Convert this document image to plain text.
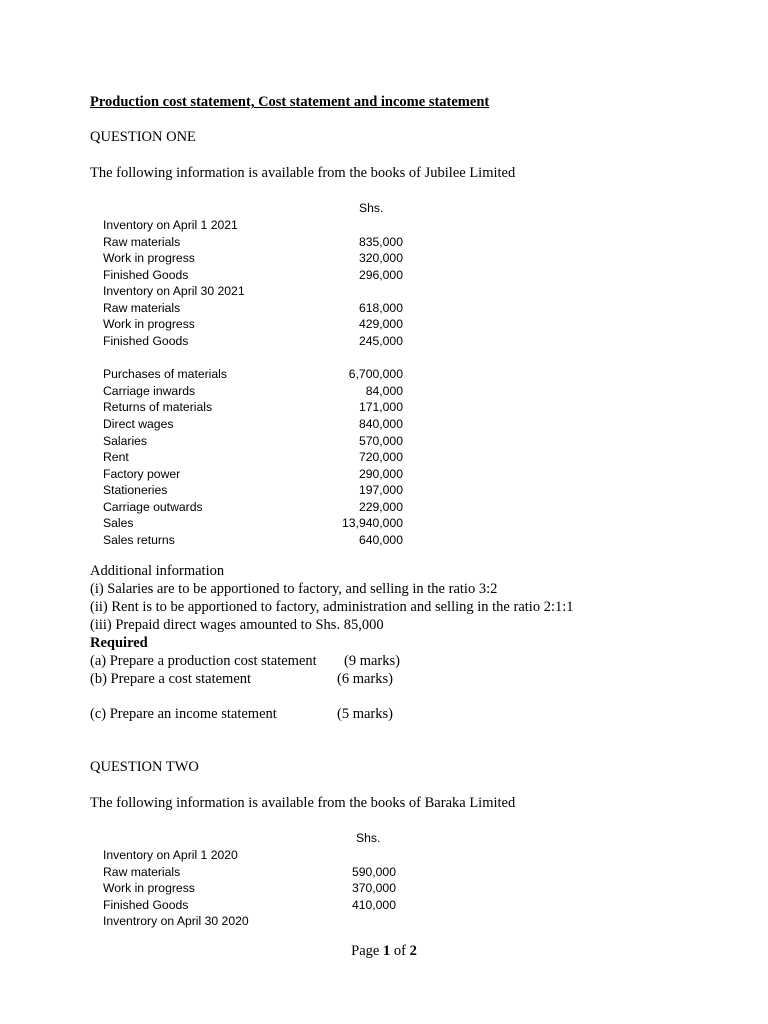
Production cost statement, Cost statement and income statement
QUESTION ONE
The following information is available from the books of Jubilee Limited
Shs.
Inventory on April 1 2021
Raw materials	835,000
Work in progress	320,000
Finished Goods	296,000
Inventory on April 30 2021
Raw materials	618,000
Work in progress	429,000
Finished Goods	245,000
Purchases of materials	6,700,000
Carriage inwards	84,000
Returns of materials	171,000
Direct wages	840,000
Salaries	570,000
Rent	720,000
Factory power	290,000
Stationeries	197,000
Carriage outwards	229,000
Sales	13,940,000
Sales returns	640,000
Additional information
(i) Salaries are to be apportioned to factory, and selling in the ratio 3:2
(ii) Rent is to be apportioned to factory, administration and selling in the ratio 2:1:1
(iii) Prepaid direct wages amounted to Shs. 85,000
Required
(a) Prepare a production cost statement (9 marks)
(b) Prepare a cost statement	(6 marks)
(c) Prepare an income statement	(5 marks)
QUESTION TWO
The following information is available from the books of Baraka Limited
Shs.
Inventory on April 1 2020
Raw materials	590,000
Work in progress	370,000
Finished Goods	410,000
Inventrory on April 30 2020
Page 1 of 2
